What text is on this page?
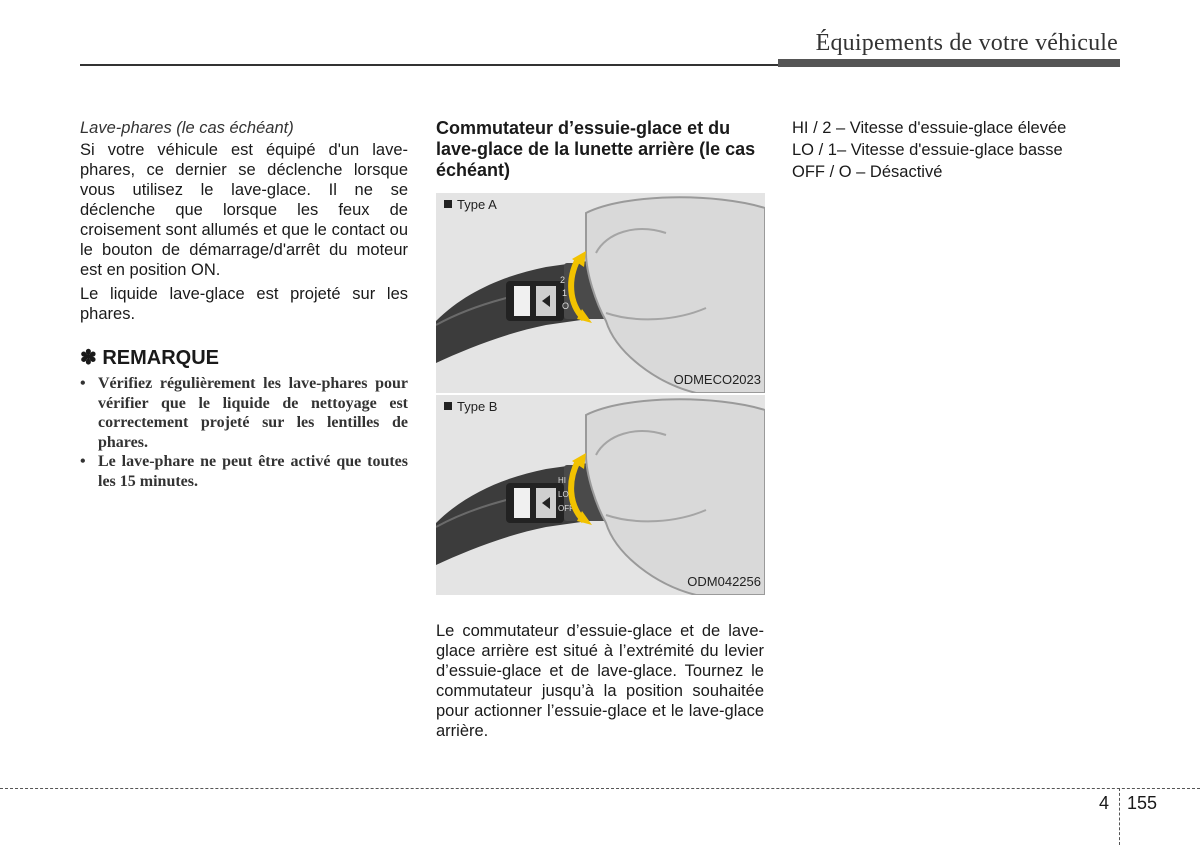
Équipements de votre véhicule

Lave-phares (le cas échéant)

Si votre véhicule est équipé d'un lave-phares, ce dernier se déclenche lorsque vous utilisez le lave-glace. Il ne se déclenche que lorsque les feux de croisement sont allumés et que le contact ou le bouton de démarrage/d'arrêt du moteur est en position ON.

Le liquide lave-glace est projeté sur les phares.

✽ REMARQUE
• Vérifiez régulièrement les lave-phares pour vérifier que le liquide de nettoyage est correctement projeté sur les lentilles de phares.
• Le lave-phare ne peut être activé que toutes les 15 minutes.
Commutateur d’essuie-glace et du lave-glace de la lunette arrière (le cas échéant)
2
1
O
Type A
ODMECO2023
HI
LO
OFF
Type B
ODM042256

Le commutateur d’essuie-glace et de lave-glace arrière est situé à l’extrémité du levier d’essuie-glace et de lave-glace. Tournez le commutateur jusqu’à la position souhaitée pour actionner l’essuie-glace et le lave-glace arrière.

HI / 2 – Vitesse d'essuie-glace élevée

LO / 1– Vitesse d'essuie-glace basse

OFF / O – Désactivé

4 155
